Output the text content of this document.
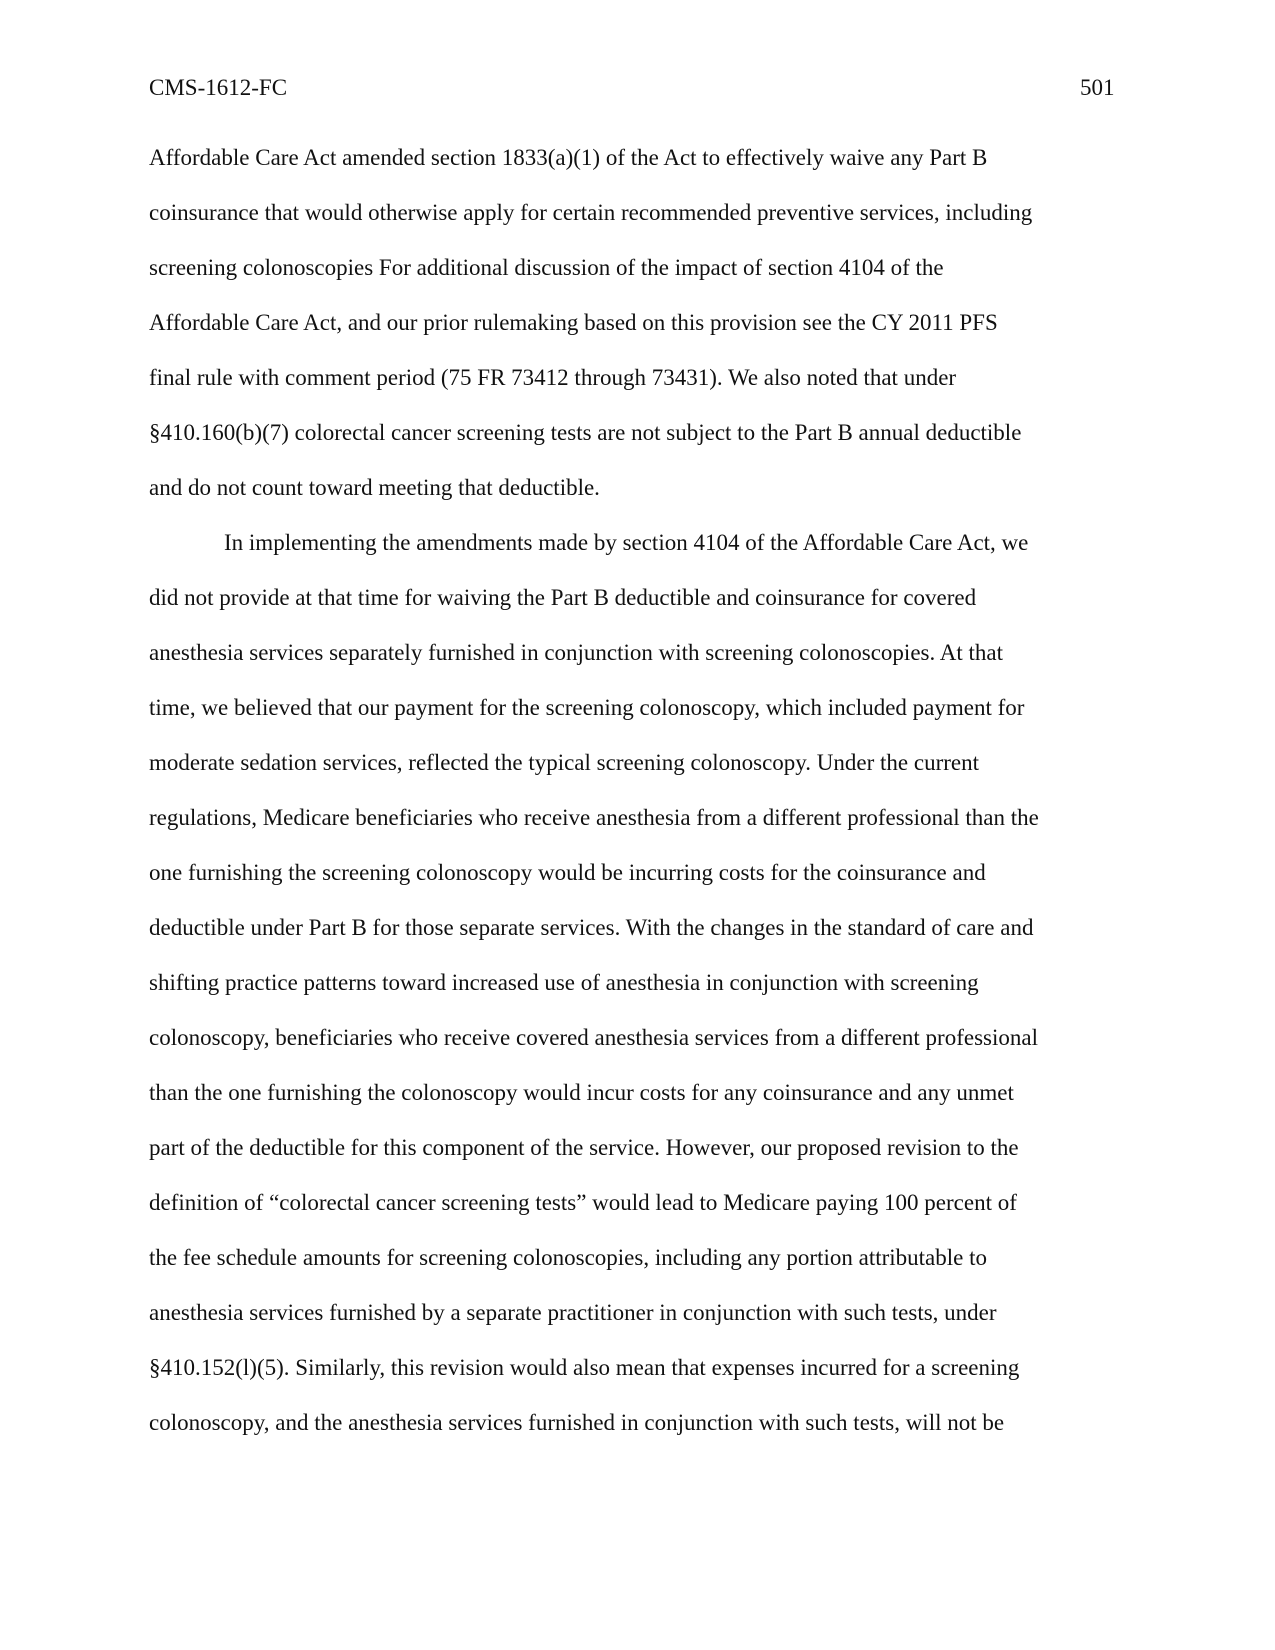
CMS-1612-FC	501
Affordable Care Act amended section 1833(a)(1) of the Act to effectively waive any Part B
coinsurance that would otherwise apply for certain recommended preventive services, including
screening colonoscopies For additional discussion of the impact of section 4104 of the
Affordable Care Act, and our prior rulemaking based on this provision see the CY 2011 PFS
final rule with comment period (75 FR 73412 through 73431). We also noted that under
§410.160(b)(7) colorectal cancer screening tests are not subject to the Part B annual deductible
and do not count toward meeting that deductible.
In implementing the amendments made by section 4104 of the Affordable Care Act, we
did not provide at that time for waiving the Part B deductible and coinsurance for covered
anesthesia services separately furnished in conjunction with screening colonoscopies. At that
time, we believed that our payment for the screening colonoscopy, which included payment for
moderate sedation services, reflected the typical screening colonoscopy. Under the current
regulations, Medicare beneficiaries who receive anesthesia from a different professional than the
one furnishing the screening colonoscopy would be incurring costs for the coinsurance and
deductible under Part B for those separate services. With the changes in the standard of care and
shifting practice patterns toward increased use of anesthesia in conjunction with screening
colonoscopy, beneficiaries who receive covered anesthesia services from a different professional
than the one furnishing the colonoscopy would incur costs for any coinsurance and any unmet
part of the deductible for this component of the service. However, our proposed revision to the
definition of “colorectal cancer screening tests” would lead to Medicare paying 100 percent of
the fee schedule amounts for screening colonoscopies, including any portion attributable to
anesthesia services furnished by a separate practitioner in conjunction with such tests, under
§410.152(l)(5). Similarly, this revision would also mean that expenses incurred for a screening
colonoscopy, and the anesthesia services furnished in conjunction with such tests, will not be
